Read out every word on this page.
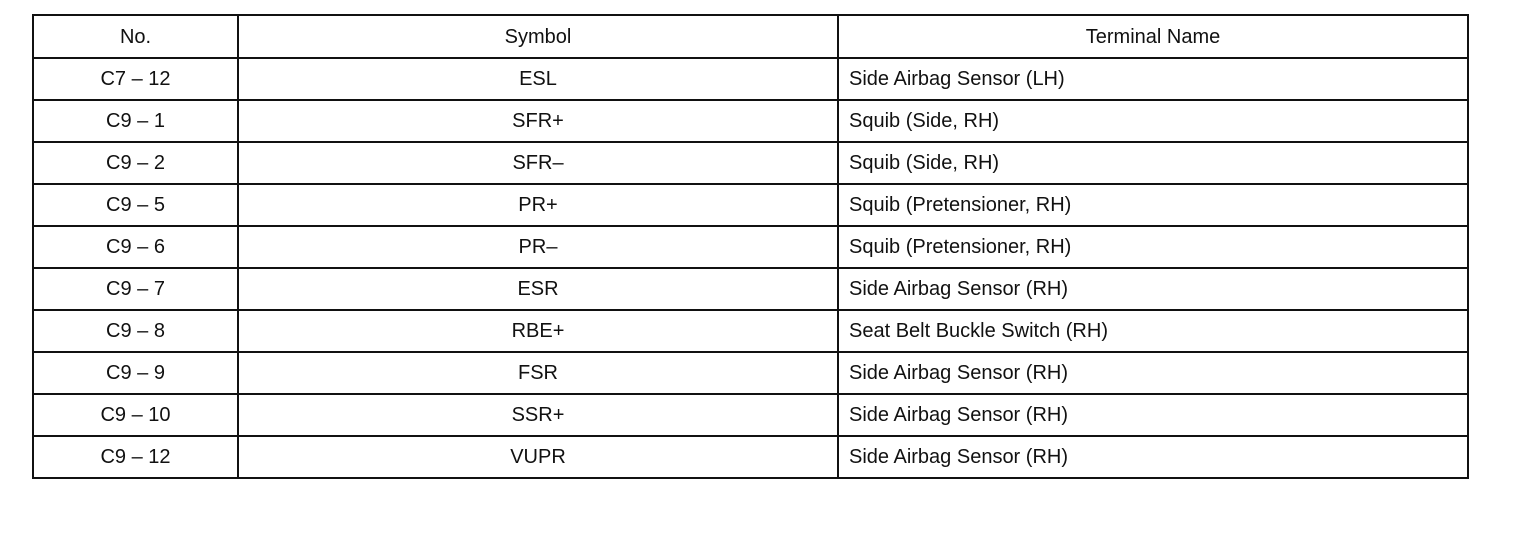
No.	Symbol	Terminal Name
C7 – 12	ESL	Side Airbag Sensor (LH)
C9 – 1	SFR+	Squib (Side, RH)
C9 – 2	SFR–	Squib (Side, RH)
C9 – 5	PR+	Squib (Pretensioner, RH)
C9 – 6	PR–	Squib (Pretensioner, RH)
C9 – 7	ESR	Side Airbag Sensor (RH)
C9 – 8	RBE+	Seat Belt Buckle Switch (RH)
C9 – 9	FSR	Side Airbag Sensor (RH)
C9 – 10	SSR+	Side Airbag Sensor (RH)
C9 – 12	VUPR	Side Airbag Sensor (RH)
